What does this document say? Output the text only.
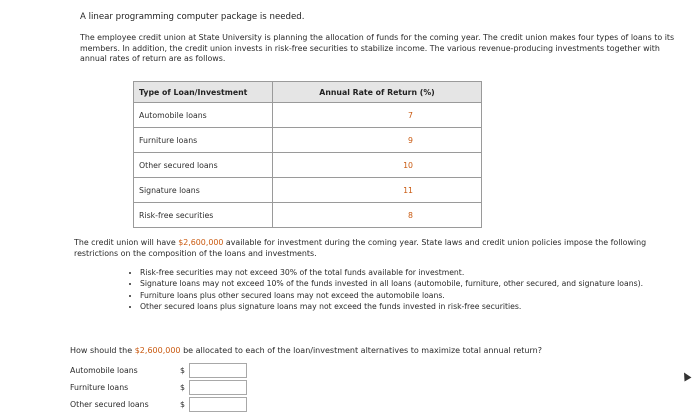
A linear programming computer package is needed.
The employee credit union at State University is planning the allocation of funds for the coming year. The credit union makes four types of loans to its members. In addition, the credit union invests in risk-free securities to stabilize income. The various revenue-producing investments together with annual rates of return are as follows.
Type of Loan/Investment	Annual Rate of Return (%)
Automobile loans	7
Furniture loans	9
Other secured loans	10
Signature loans	11
Risk-free securities	8
The credit union will have $2,600,000 available for investment during the coming year. State laws and credit union policies impose the following restrictions on the composition of the loans and investments.
• Risk-free securities may not exceed 30% of the total funds available for investment.
• Signature loans may not exceed 10% of the funds invested in all loans (automobile, furniture, other secured, and signature loans).
• Furniture loans plus other secured loans may not exceed the automobile loans.
• Other secured loans plus signature loans may not exceed the funds invested in risk-free securities.
How should the $2,600,000 be allocated to each of the loan/investment alternatives to maximize total annual return?
Automobile loans	$
Furniture loans	$
Other secured loans	$
